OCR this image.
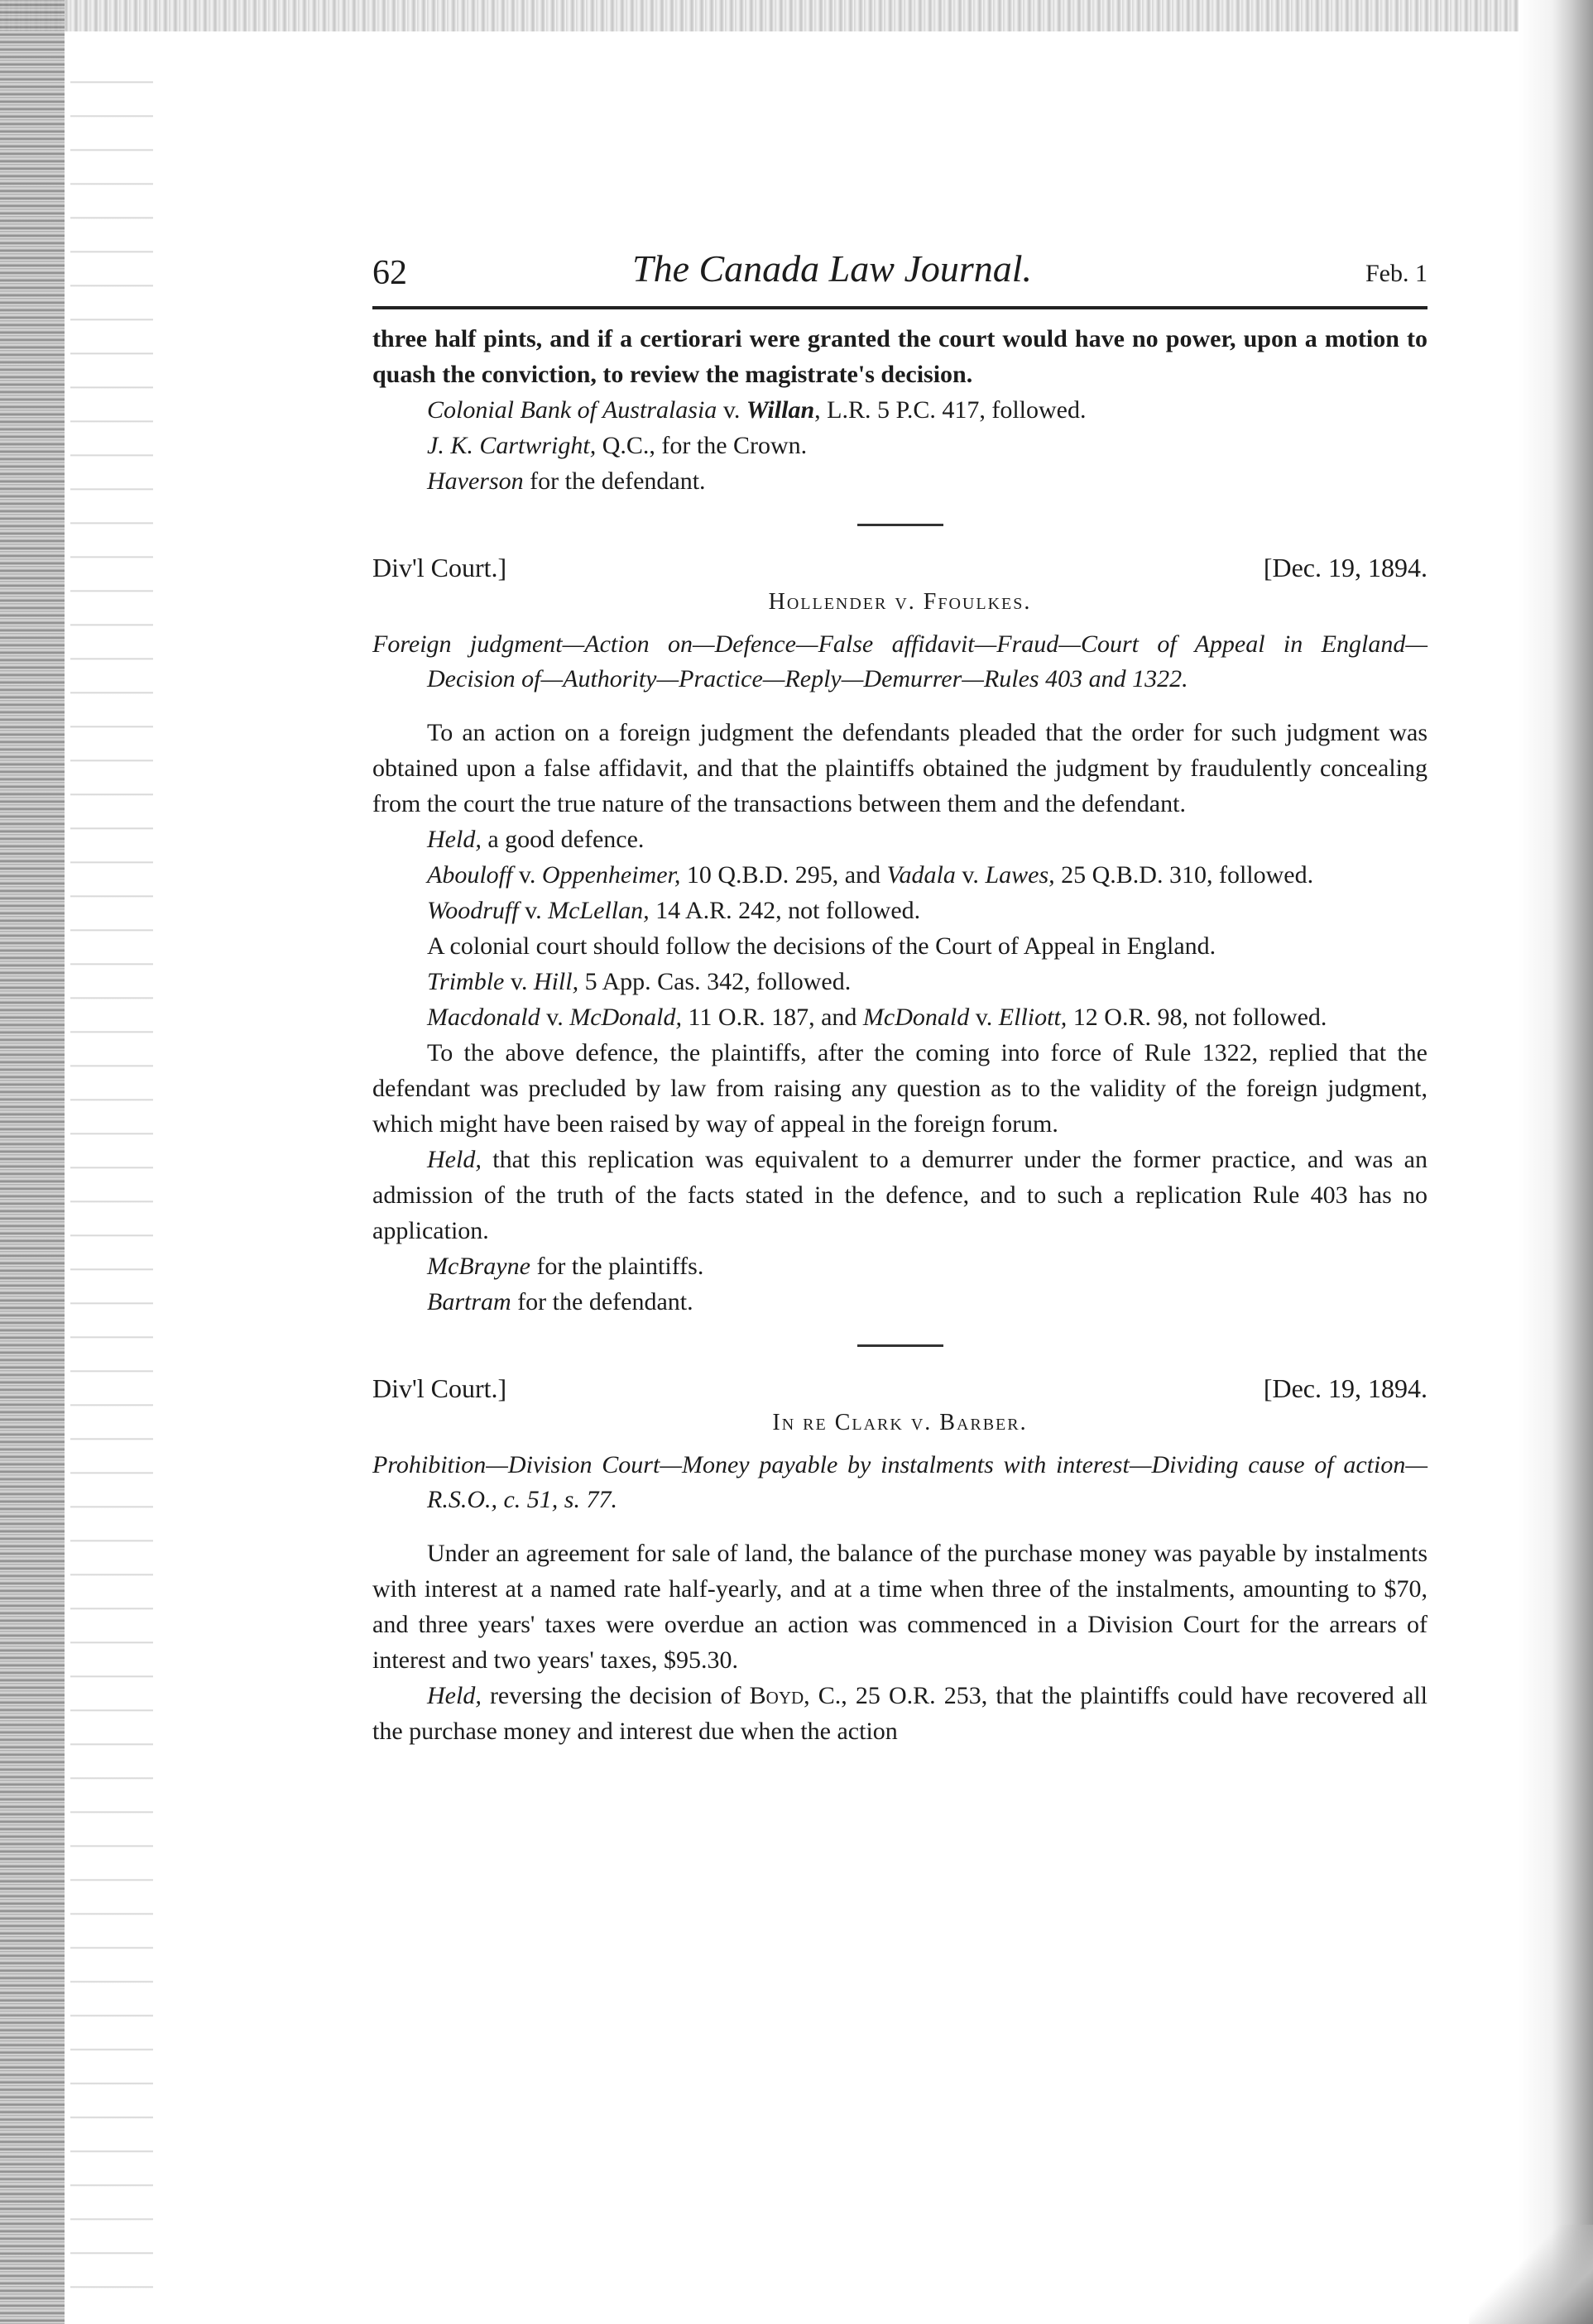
62	The Canada Law Journal.	Feb. 1

three half pints, and if a certiorari were granted the court would have no power, upon a motion to quash the conviction, to review the magistrate's decision.

Colonial Bank of Australasia v. Willan, L.R. 5 P.C. 417, followed.

J. K. Cartwright, Q.C., for the Crown.

Haverson for the defendant.

Div'l Court.]	[Dec. 19, 1894.
Hollender v. Ffoulkes.
Foreign judgment—Action on—Defence—False affidavit—Fraud—Court of Appeal in England—Decision of—Authority—Practice—Reply—Demurrer—Rules 403 and 1322.

To an action on a foreign judgment the defendants pleaded that the order for such judgment was obtained upon a false affidavit, and that the plaintiffs obtained the judgment by fraudulently concealing from the court the true nature of the transactions between them and the defendant.

Held, a good defence.

Abouloff v. Oppenheimer, 10 Q.B.D. 295, and Vadala v. Lawes, 25 Q.B.D. 310, followed.

Woodruff v. McLellan, 14 A.R. 242, not followed.

A colonial court should follow the decisions of the Court of Appeal in England.

Trimble v. Hill, 5 App. Cas. 342, followed.

Macdonald v. McDonald, 11 O.R. 187, and McDonald v. Elliott, 12 O.R. 98, not followed.

To the above defence, the plaintiffs, after the coming into force of Rule 1322, replied that the defendant was precluded by law from raising any question as to the validity of the foreign judgment, which might have been raised by way of appeal in the foreign forum.

Held, that this replication was equivalent to a demurrer under the former practice, and was an admission of the truth of the facts stated in the defence, and to such a replication Rule 403 has no application.

McBrayne for the plaintiffs.

Bartram for the defendant.

Div'l Court.]	[Dec. 19, 1894.
In re Clark v. Barber.
Prohibition—Division Court—Money payable by instalments with interest—Dividing cause of action—R.S.O., c. 51, s. 77.

Under an agreement for sale of land, the balance of the purchase money was payable by instalments with interest at a named rate half-yearly, and at a time when three of the instalments, amounting to $70, and three years' taxes were overdue an action was commenced in a Division Court for the arrears of interest and two years' taxes, $95.30.

Held, reversing the decision of Boyd, C., 25 O.R. 253, that the plaintiffs could have recovered all the purchase money and interest due when the action
